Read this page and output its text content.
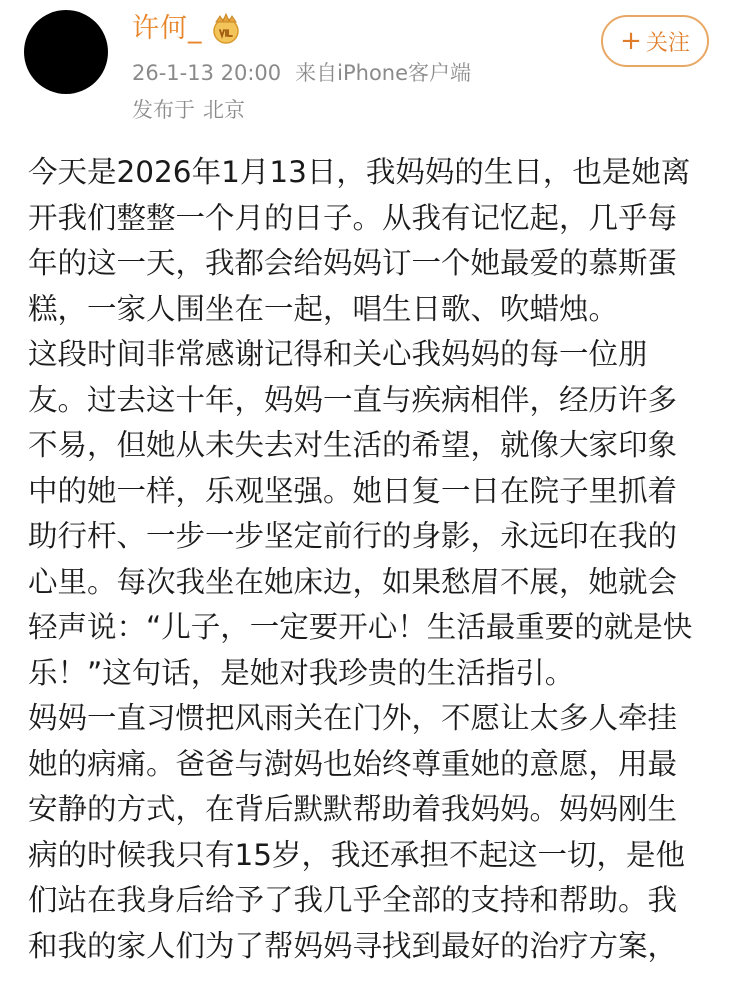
许何_
26-1-13 20:00 来自iPhone客户端
发布于 北京
+ 关注
今天是2026年1月13日，我妈妈的生日，也是她离
开我们整整一个月的日子。从我有记忆起，几乎每
年的这一天，我都会给妈妈订一个她最爱的慕斯蛋
糕，一家人围坐在一起，唱生日歌、吹蜡烛。
这段时间非常感谢记得和关心我妈妈的每一位朋
友。过去这十年，妈妈一直与疾病相伴，经历许多
不易，但她从未失去对生活的希望，就像大家印象
中的她一样，乐观坚强。她日复一日在院子里抓着
助行杆、一步一步坚定前行的身影，永远印在我的
心里。每次我坐在她床边，如果愁眉不展，她就会
轻声说：“儿子，一定要开心！生活最重要的就是快
乐！”这句话，是她对我珍贵的生活指引。
妈妈一直习惯把风雨关在门外，不愿让太多人牵挂
她的病痛。爸爸与澍妈也始终尊重她的意愿，用最
安静的方式，在背后默默帮助着我妈妈。妈妈刚生
病的时候我只有15岁，我还承担不起这一切，是他
们站在我身后给予了我几乎全部的支持和帮助。我
和我的家人们为了帮妈妈寻找到最好的治疗方案，
